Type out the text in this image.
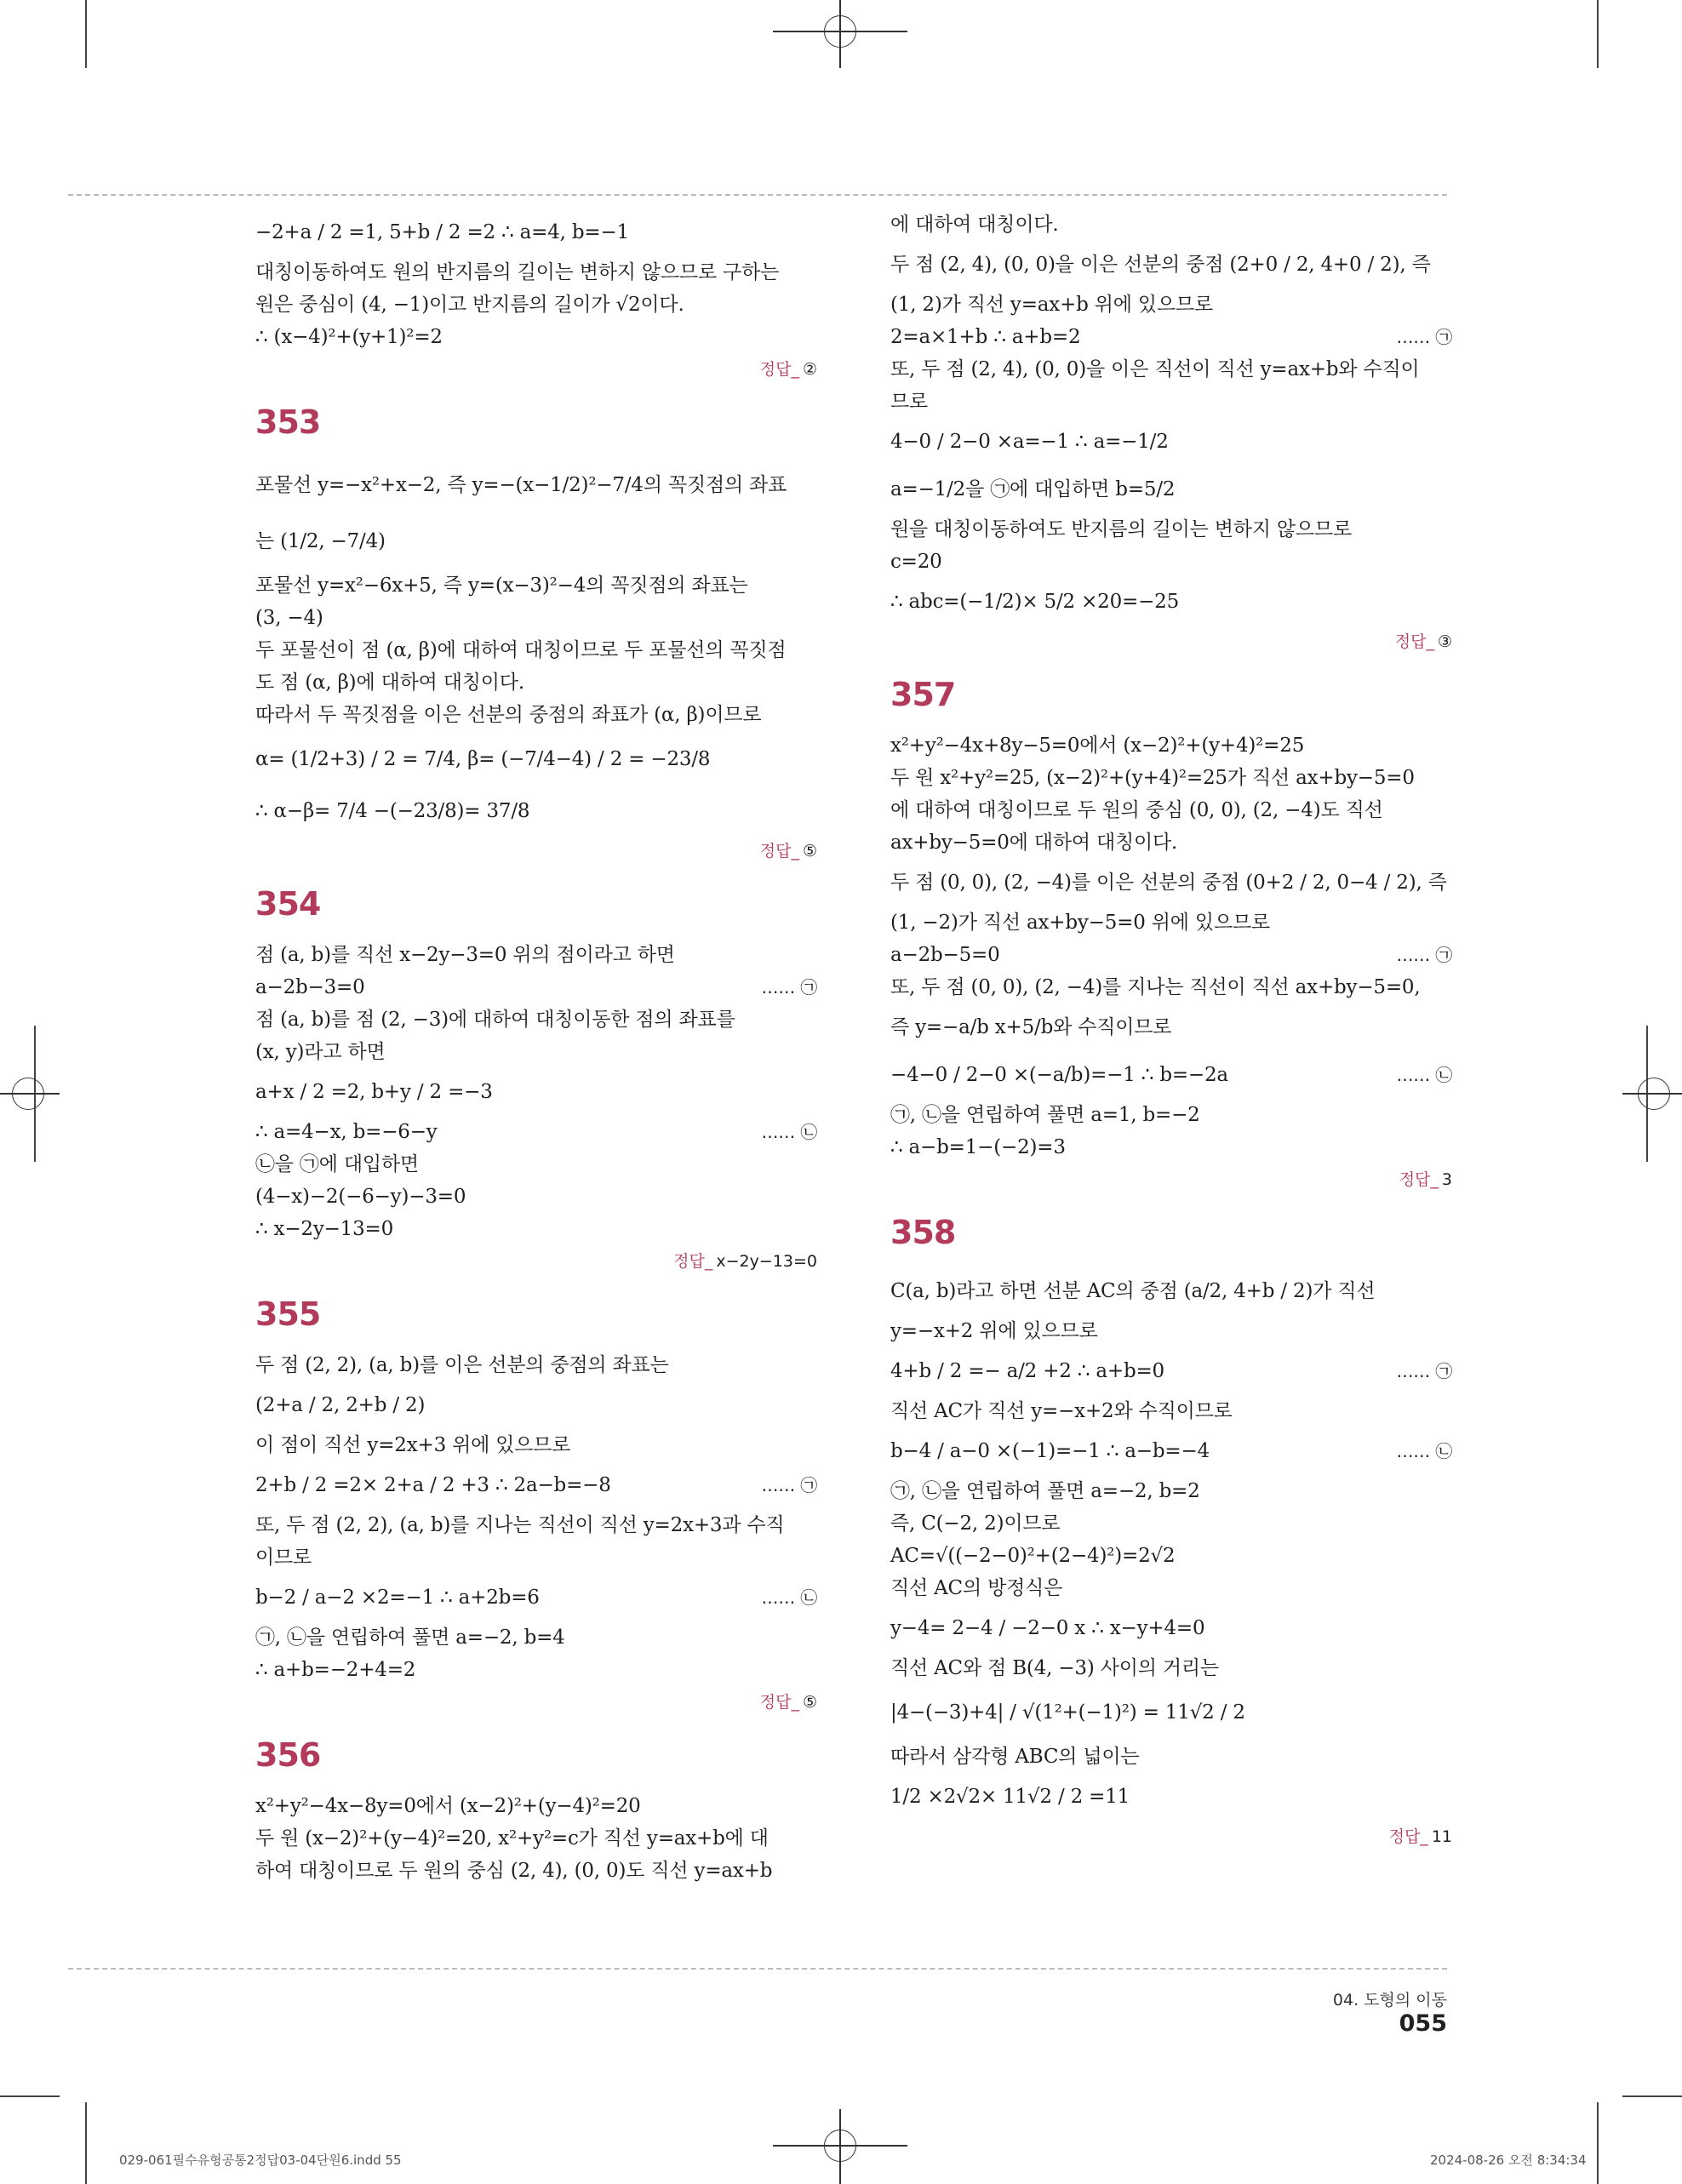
−2+a / 2 =1, 5+b / 2 =2 ∴ a=4, b=−1
대칭이동하여도 원의 반지름의 길이는 변하지 않으므로 구하는
원은 중심이 (4, −1)이고 반지름의 길이가 √2이다.
∴ (x−4)²+(y+1)²=2
정답_ ②
353
포물선 y=−x²+x−2, 즉 y=−(x−1/2)²−7/4의 꼭짓점의 좌표
는 (1/2, −7/4)
포물선 y=x²−6x+5, 즉 y=(x−3)²−4의 꼭짓점의 좌표는
(3, −4)
두 포물선이 점 (α, β)에 대하여 대칭이므로 두 포물선의 꼭짓점
도 점 (α, β)에 대하여 대칭이다.
따라서 두 꼭짓점을 이은 선분의 중점의 좌표가 (α, β)이므로
α= (1/2+3) / 2 = 7/4, β= (−7/4−4) / 2 = −23/8
∴ α−β= 7/4 −(−23/8)= 37/8
정답_ ⑤
354
점 (a, b)를 직선 x−2y−3=0 위의 점이라고 하면
a−2b−3=0	…… ㉠
점 (a, b)를 점 (2, −3)에 대하여 대칭이동한 점의 좌표를
(x, y)라고 하면
a+x / 2 =2, b+y / 2 =−3
∴ a=4−x, b=−6−y	…… ㉡
㉡을 ㉠에 대입하면
(4−x)−2(−6−y)−3=0
∴ x−2y−13=0
정답_ x−2y−13=0
355
두 점 (2, 2), (a, b)를 이은 선분의 중점의 좌표는
(2+a / 2, 2+b / 2)
이 점이 직선 y=2x+3 위에 있으므로
2+b / 2 =2× 2+a / 2 +3 ∴ 2a−b=−8	…… ㉠
또, 두 점 (2, 2), (a, b)를 지나는 직선이 직선 y=2x+3과 수직
이므로
b−2 / a−2 ×2=−1 ∴ a+2b=6	…… ㉡
㉠, ㉡을 연립하여 풀면 a=−2, b=4
∴ a+b=−2+4=2
정답_ ⑤
356
x²+y²−4x−8y=0에서 (x−2)²+(y−4)²=20
두 원 (x−2)²+(y−4)²=20, x²+y²=c가 직선 y=ax+b에 대
하여 대칭이므로 두 원의 중심 (2, 4), (0, 0)도 직선 y=ax+b
에 대하여 대칭이다.
두 점 (2, 4), (0, 0)을 이은 선분의 중점 (2+0 / 2, 4+0 / 2), 즉
(1, 2)가 직선 y=ax+b 위에 있으므로
2=a×1+b ∴ a+b=2	…… ㉠
또, 두 점 (2, 4), (0, 0)을 이은 직선이 직선 y=ax+b와 수직이
므로
4−0 / 2−0 ×a=−1 ∴ a=−1/2
a=−1/2을 ㉠에 대입하면 b=5/2
원을 대칭이동하여도 반지름의 길이는 변하지 않으므로
c=20
∴ abc=(−1/2)× 5/2 ×20=−25
정답_ ③
357
x²+y²−4x+8y−5=0에서 (x−2)²+(y+4)²=25
두 원 x²+y²=25, (x−2)²+(y+4)²=25가 직선 ax+by−5=0
에 대하여 대칭이므로 두 원의 중심 (0, 0), (2, −4)도 직선
ax+by−5=0에 대하여 대칭이다.
두 점 (0, 0), (2, −4)를 이은 선분의 중점 (0+2 / 2, 0−4 / 2), 즉
(1, −2)가 직선 ax+by−5=0 위에 있으므로
a−2b−5=0	…… ㉠
또, 두 점 (0, 0), (2, −4)를 지나는 직선이 직선 ax+by−5=0,
즉 y=−a/b x+5/b와 수직이므로
−4−0 / 2−0 ×(−a/b)=−1 ∴ b=−2a	…… ㉡
㉠, ㉡을 연립하여 풀면 a=1, b=−2
∴ a−b=1−(−2)=3
정답_ 3
358
C(a, b)라고 하면 선분 AC의 중점 (a/2, 4+b / 2)가 직선
y=−x+2 위에 있으므로
4+b / 2 =− a/2 +2 ∴ a+b=0	…… ㉠
직선 AC가 직선 y=−x+2와 수직이므로
b−4 / a−0 ×(−1)=−1 ∴ a−b=−4	…… ㉡
㉠, ㉡을 연립하여 풀면 a=−2, b=2
즉, C(−2, 2)이므로
AC=√((−2−0)²+(2−4)²)=2√2
직선 AC의 방정식은
y−4= 2−4 / −2−0 x ∴ x−y+4=0
직선 AC와 점 B(4, −3) 사이의 거리는
|4−(−3)+4| / √(1²+(−1)²) = 11√2 / 2
따라서 삼각형 ABC의 넓이는
1/2 ×2√2× 11√2 / 2 =11
정답_ 11
04. 도형의 이동055
029-061필수유형공통2정답03-04단원6.indd 55	2024-08-26 오전 8:34:34
